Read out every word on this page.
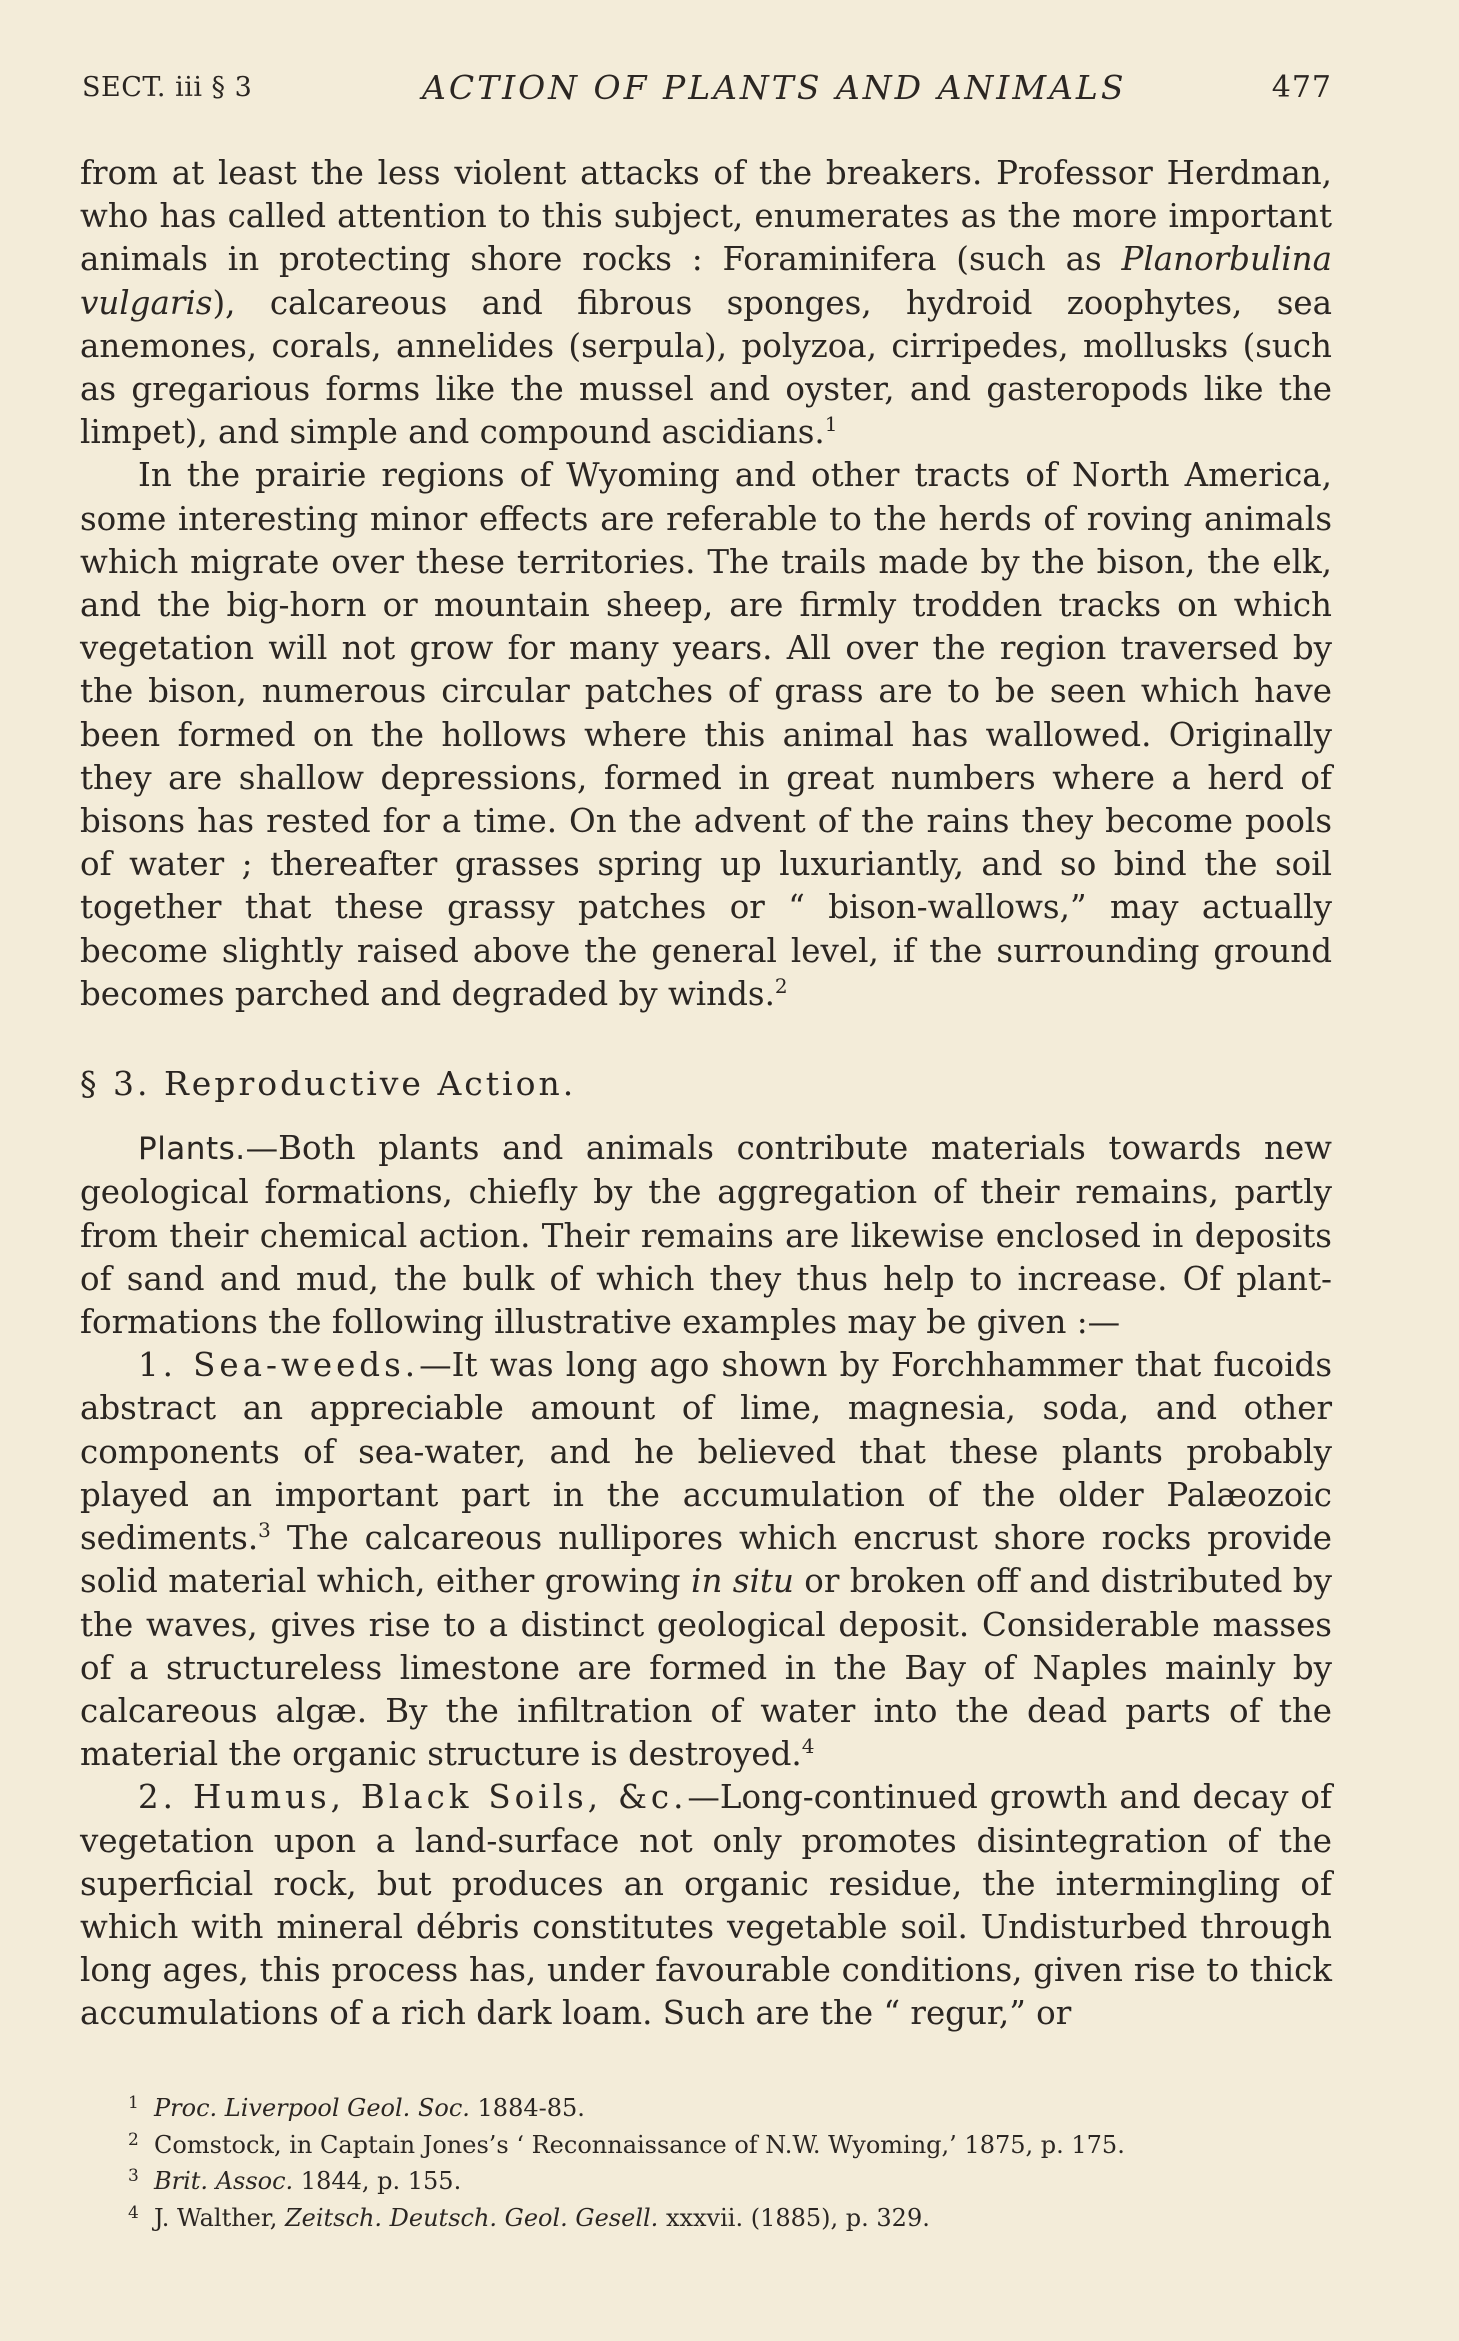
SECT. iii § 3	ACTION OF PLANTS AND ANIMALS	477

from at least the less violent attacks of the breakers. Professor Herdman, who has called attention to this subject, enumerates as the more important animals in protecting shore rocks : Foraminifera (such as Planorbulina vulgaris), calcareous and fibrous sponges, hydroid zoophytes, sea anemones, corals, annelides (serpula), polyzoa, cirripedes, mollusks (such as gregarious forms like the mussel and oyster, and gasteropods like the limpet), and simple and compound ascidians.$^1$

In the prairie regions of Wyoming and other tracts of North America, some interesting minor effects are referable to the herds of roving animals which migrate over these territories. The trails made by the bison, the elk, and the big-horn or mountain sheep, are firmly trodden tracks on which vegetation will not grow for many years. All over the region traversed by the bison, numerous circular patches of grass are to be seen which have been formed on the hollows where this animal has wallowed. Originally they are shallow depressions, formed in great numbers where a herd of bisons has rested for a time. On the advent of the rains they become pools of water ; thereafter grasses spring up luxuriantly, and so bind the soil together that these grassy patches or “ bison-wallows,” may actually become slightly raised above the general level, if the surrounding ground becomes parched and degraded by winds.$^2$

§ 3. Reproductive Action.

Plants.—Both plants and animals contribute materials towards new geological formations, chiefly by the aggregation of their remains, partly from their chemical action. Their remains are likewise enclosed in deposits of sand and mud, the bulk of which they thus help to increase. Of plant-formations the following illustrative examples may be given :—

1. Sea-weeds.—It was long ago shown by Forchhammer that fucoids abstract an appreciable amount of lime, magnesia, soda, and other components of sea-water, and he believed that these plants probably played an important part in the accumulation of the older Palæozoic sediments.$^3$ The calcareous nullipores which encrust shore rocks provide solid material which, either growing in situ or broken off and distributed by the waves, gives rise to a distinct geological deposit. Considerable masses of a structureless limestone are formed in the Bay of Naples mainly by calcareous algæ. By the infiltration of water into the dead parts of the material the organic structure is destroyed.$^4$

2. Humus, Black Soils, &c.—Long-continued growth and decay of vegetation upon a land-surface not only promotes disintegration of the superficial rock, but produces an organic residue, the intermingling of which with mineral débris constitutes vegetable soil. Undisturbed through long ages, this process has, under favourable conditions, given rise to thick accumulations of a rich dark loam. Such are the “ regur,” or

1 Proc. Liverpool Geol. Soc. 1884-85.

2 Comstock, in Captain Jones’s ‘ Reconnaissance of N.W. Wyoming,’ 1875, p. 175.

3 Brit. Assoc. 1844, p. 155.

4 J. Walther, Zeitsch. Deutsch. Geol. Gesell. xxxvii. (1885), p. 329.
